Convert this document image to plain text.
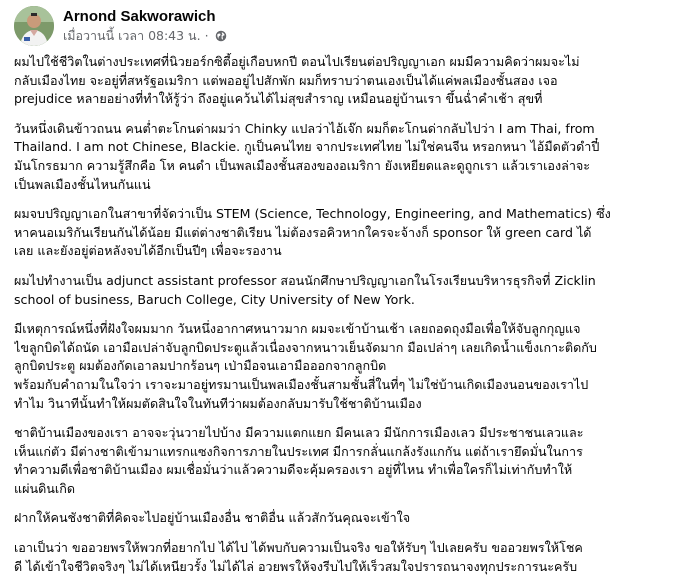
Arnond Sakworawich
เมื่อวานนี้ เวลา 08:43 น. ·
ผมไปใช้ชีวิตในต่างประเทศที่นิวยอร์กซิตี้อยู่เกือบหกปี ตอนไปเรียนต่อปริญญาเอก ผมมีความคิดว่าผมจะไม่
กลับเมืองไทย จะอยู่ที่สหรัฐอเมริกา แต่พออยู่ไปสักพัก ผมก็ทราบว่าตนเองเป็นได้แค่พลเมืองชั้นสอง เจอ
prejudice หลายอย่างที่ทำให้รู้ว่า ถึงอยู่แคว้นได้ไม่สุขสำราญ เหมือนอยู่บ้านเรา ขึ้นฉ่ำคำเช้า สุขที่
วันหนึ่งเดินข้าวถนน คนต่ำตะโกนด่าผมว่า Chinky แปลว่าไอ้เจ๊ก ผมก็ตะโกนด่ากลับไปว่า I am Thai, from
Thailand. I am not Chinese, Blackie. กูเป็นคนไทย จากประเทศไทย ไม่ใช่คนจีน หรอกหนา ไอ้มืดตัวดำปี๋
มันโกรธมาก ความรู้สึกคือ โห คนดำ เป็นพลเมืองชั้นสองของอเมริกา ยังเหยียดและดูถูกเรา แล้วเราเองล่าจะ
เป็นพลเมืองชั้นไหนกันแน่
ผมจบปริญญาเอกในสาขาที่จัดว่าเป็น STEM (Science, Technology, Engineering, and Mathematics) ซึ่ง
หาคนอเมริกันเรียนกันได้น้อย มีแต่ต่างชาติเรียน ไม่ต้องรอคิวหากใครจะจ้างก็ sponsor ให้ green card ได้
เลย และยังอยู่ต่อหลังจบได้อีกเป็นปีๆ เพื่อจะรองาน
ผมไปทำงานเป็น adjunct assistant professor สอนนักศึกษาปริญญาเอกในโรงเรียนบริหารธุรกิจที่ Zicklin
school of business, Baruch College, City University of New York.
มีเหตุการณ์หนึ่งที่ฝังใจผมมาก วันหนึ่งอากาศหนาวมาก ผมจะเข้าบ้านเช้า เลยถอดถุงมือเพื่อให้จับลูกกุญแจ
ไขลูกบิดได้ถนัด เอามือเปล่าจับลูกบิดประตูแล้วเนื่องจากหนาวเย็นจัดมาก มือเปล่าๆ เลยเกิดน้ำแข็งเกาะติดกับ
ลูกบิดประตู ผมต้องกัดเอาลมปากร้อนๆ เป่ามือจนเอามือออกจากลูกบิด
พร้อมกับคำถามในใจว่า เราจะมาอยู่ทรมานเป็นพลเมืองชั้นสามชั้นสี่ในที่ๆ ไม่ใช่บ้านเกิดเมืองนอนของเราไป
ทำไม วินาทีนั้นทำให้ผมตัดสินใจในทันทีว่าผมต้องกลับมารับใช้ชาติบ้านเมือง
ชาติบ้านเมืองของเรา อาจจะวุ่นวายไปบ้าง มีความแตกแยก มีคนเลว มีนักการเมืองเลว มีประชาชนเลวและ
เห็นแก่ตัว มีต่างชาติเข้ามาแทรกแซงกิจการภายในประเทศ มีการกลั่นแกล้งรังแกกัน แต่ถ้าเรายึดมั่นในการ
ทำความดีเพื่อชาติบ้านเมือง ผมเชื่อมั่นว่าแล้วความดีจะคุ้มครองเรา อยู่ที่ไหน ทำเพื่อใครก็ไม่เท่ากับทำให้
แผ่นดินเกิด
ฝากให้คนชังชาติที่คิดจะไปอยู่บ้านเมืองอื่น ชาติอื่น แล้วสักวันคุณจะเข้าใจ
เอาเป็นว่า ขออวยพรให้พวกที่อยากไป ได้ไป ได้พบกับความเป็นจริง ขอให้รับๆ ไปเลยครับ ขออวยพรให้โชค
ดี ได้เข้าใจชีวิตจริงๆ ไม่ได้เหนียวรั้ง ไม่ได้ไล่ อวยพรให้จงรีบไปให้เร็วสมใจปรารถนาจงทุกประการนะครับ
